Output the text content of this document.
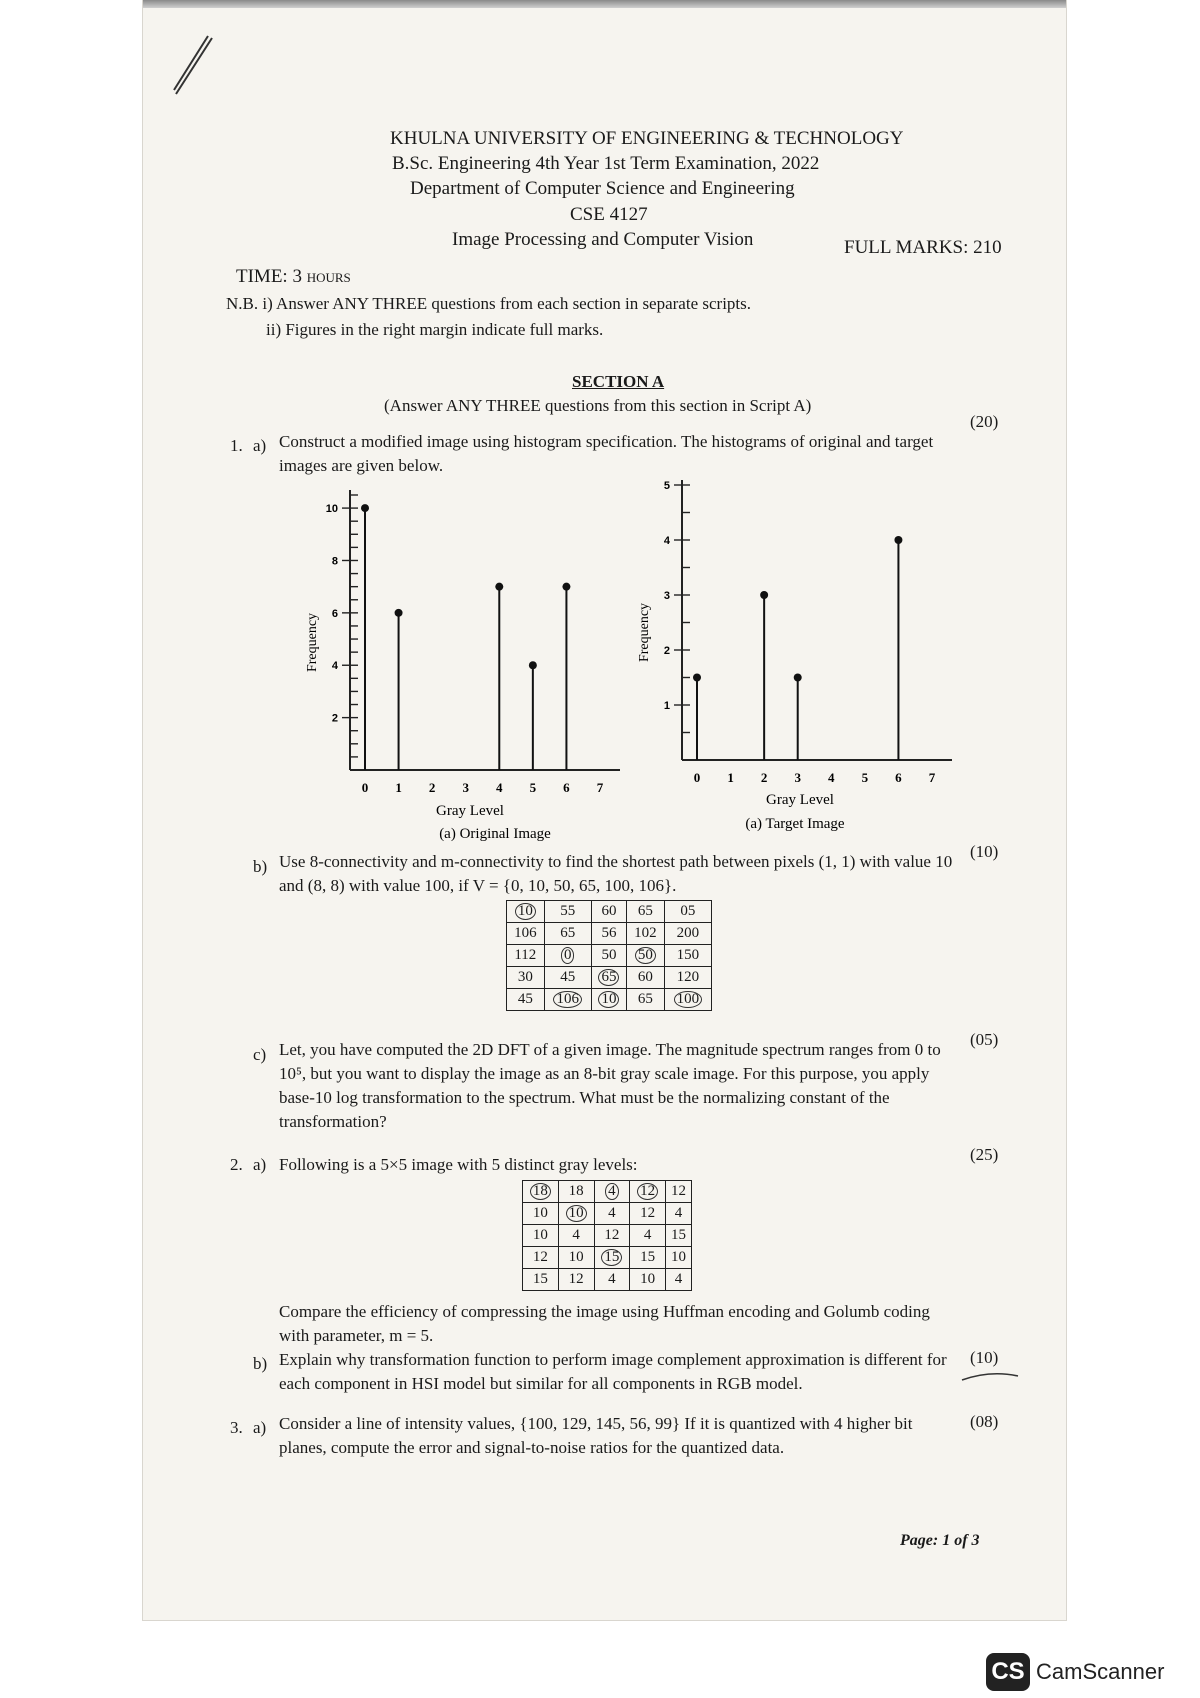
KHULNA UNIVERSITY OF ENGINEERING & TECHNOLOGY
B.Sc. Engineering 4th Year 1st Term Examination, 2022
Department of Computer Science and Engineering
CSE 4127
Image Processing and Computer Vision
TIME: 3 hours
FULL MARKS: 210
N.B. i) Answer ANY THREE questions from each section in separate scripts.
ii) Figures in the right margin indicate full marks.
SECTION A
(Answer ANY THREE questions from this section in Script A)
1. a) Construct a modified image using histogram specification. The histograms of original and target images are given below.
(20)
2
4
6
8
10
0 1 2 3 4 5 6 7
Frequency
Gray Level
(a) Original Image
1
2
3
4
5
0 1 2 3 4 5 6 7
Frequency
Gray Level
(a) Target Image
b) Use 8-connectivity and m-connectivity to find the shortest path between pixels (1, 1) with value 10 and (8, 8) with value 100, if V = {0, 10, 50, 65, 100, 106}.
(10)
10	55	60	65	05
106	65	56	102	200
112	0	50	50	150
30	45	65	60	120
45	106	10	65	100
c) Let, you have computed the 2D DFT of a given image. The magnitude spectrum ranges from 0 to 10⁵, but you want to display the image as an 8-bit gray scale image. For this purpose, you apply base-10 log transformation to the spectrum. What must be the normalizing constant of the transformation?
(05)
2. a) Following is a 5×5 image with 5 distinct gray levels:
(25)
18	18	4	12	12
10	10	4	12	4
10	4	12	4	15
12	10	15	15	10
15	12	4	10	4
Compare the efficiency of compressing the image using Huffman encoding and Golumb coding with parameter, m = 5.
b) Explain why transformation function to perform image complement approximation is different for each component in HSI model but similar for all components in RGB model.
(10)
3. a) Consider a line of intensity values, {100, 129, 145, 56, 99} If it is quantized with 4 higher bit planes, compute the error and signal-to-noise ratios for the quantized data.
(08)
Page: 1 of 3
CS CamScanner
